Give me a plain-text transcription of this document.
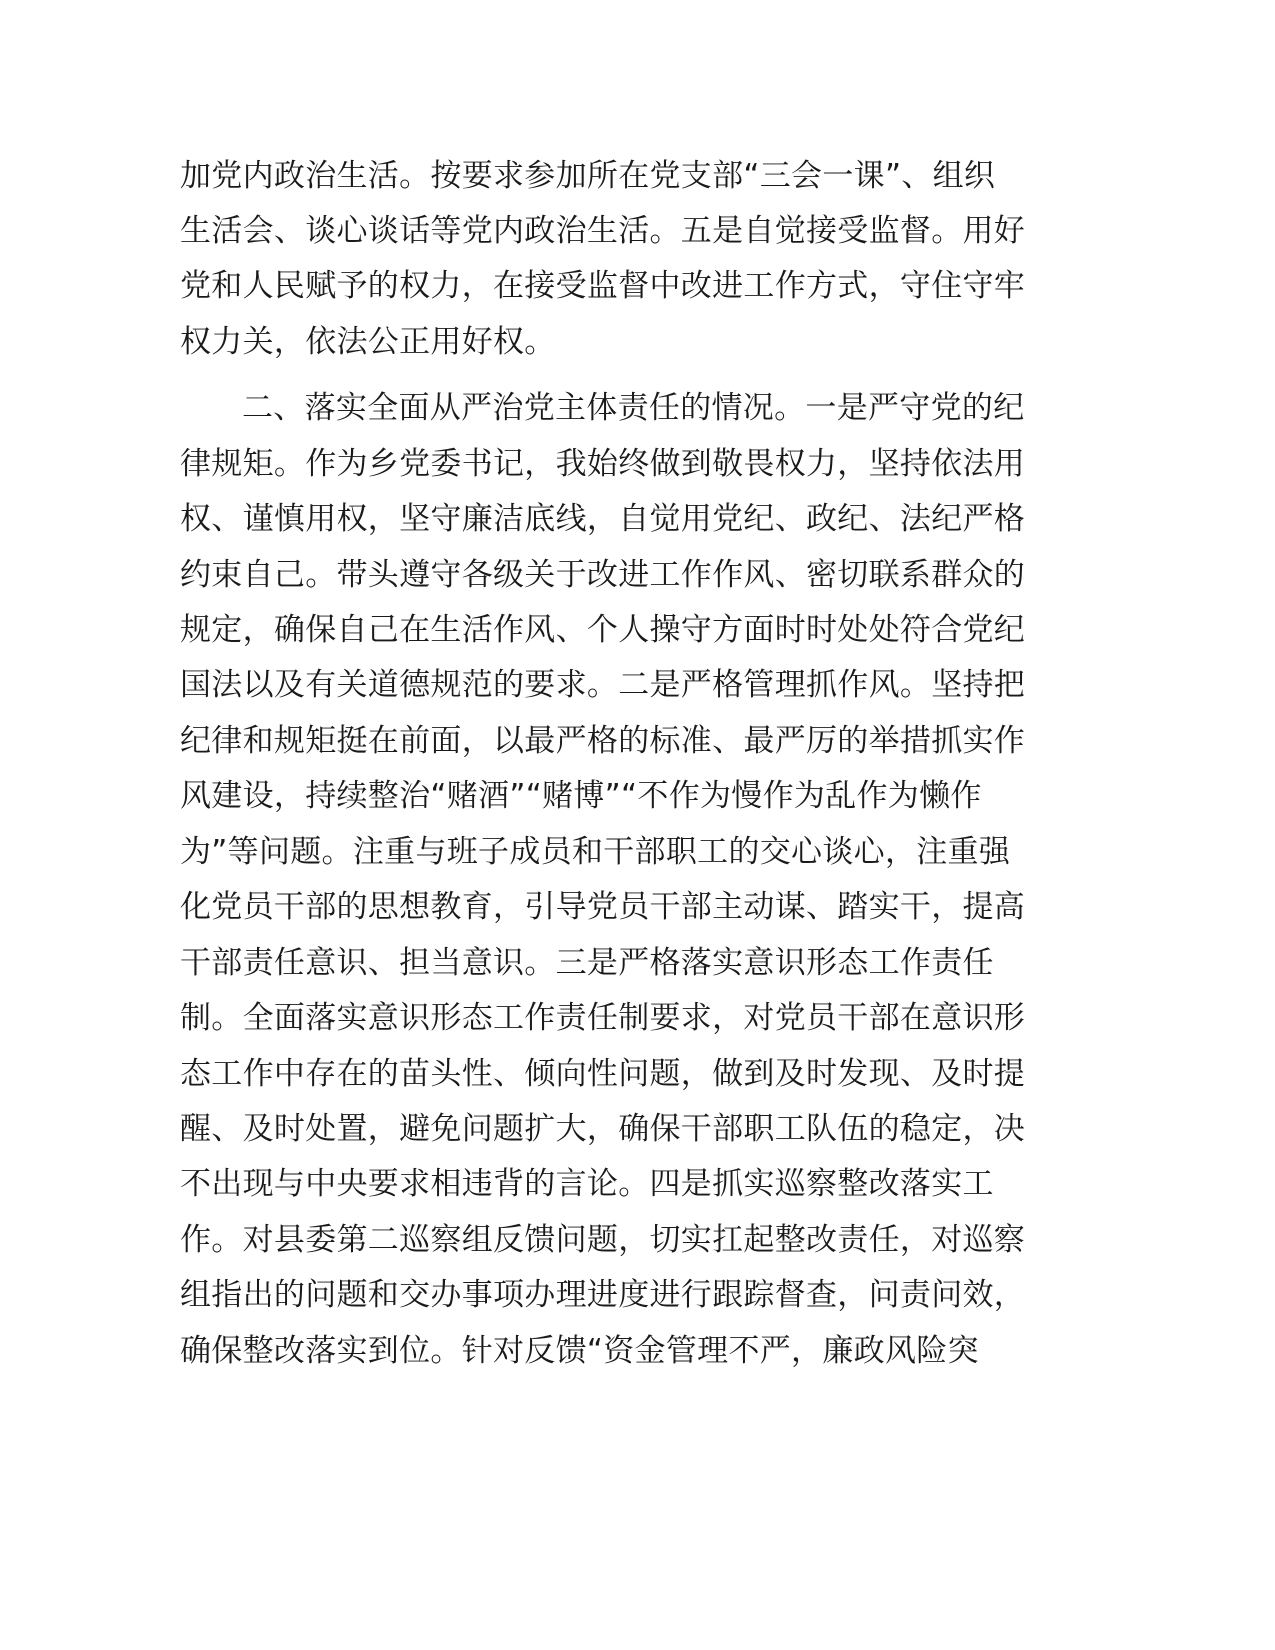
加党内政治生活。按要求参加所在党支部“三会一课”、组织
生活会、谈心谈话等党内政治生活。五是自觉接受监督。用好
党和人民赋予的权力，在接受监督中改进工作方式，守住守牢
权力关，依法公正用好权。
二、落实全面从严治党主体责任的情况。一是严守党的纪
律规矩。作为乡党委书记，我始终做到敬畏权力，坚持依法用
权、谨慎用权，坚守廉洁底线，自觉用党纪、政纪、法纪严格
约束自己。带头遵守各级关于改进工作作风、密切联系群众的
规定，确保自己在生活作风、个人操守方面时时处处符合党纪
国法以及有关道德规范的要求。二是严格管理抓作风。坚持把
纪律和规矩挺在前面，以最严格的标准、最严厉的举措抓实作
风建设，持续整治“赌酒”“赌博”“不作为慢作为乱作为懒作
为”等问题。注重与班子成员和干部职工的交心谈心，注重强
化党员干部的思想教育，引导党员干部主动谋、踏实干，提高
干部责任意识、担当意识。三是严格落实意识形态工作责任
制。全面落实意识形态工作责任制要求，对党员干部在意识形
态工作中存在的苗头性、倾向性问题，做到及时发现、及时提
醒、及时处置，避免问题扩大，确保干部职工队伍的稳定，决
不出现与中央要求相违背的言论。四是抓实巡察整改落实工
作。对县委第二巡察组反馈问题，切实扛起整改责任，对巡察
组指出的问题和交办事项办理进度进行跟踪督查，问责问效，
确保整改落实到位。针对反馈“资金管理不严，廉政风险突
